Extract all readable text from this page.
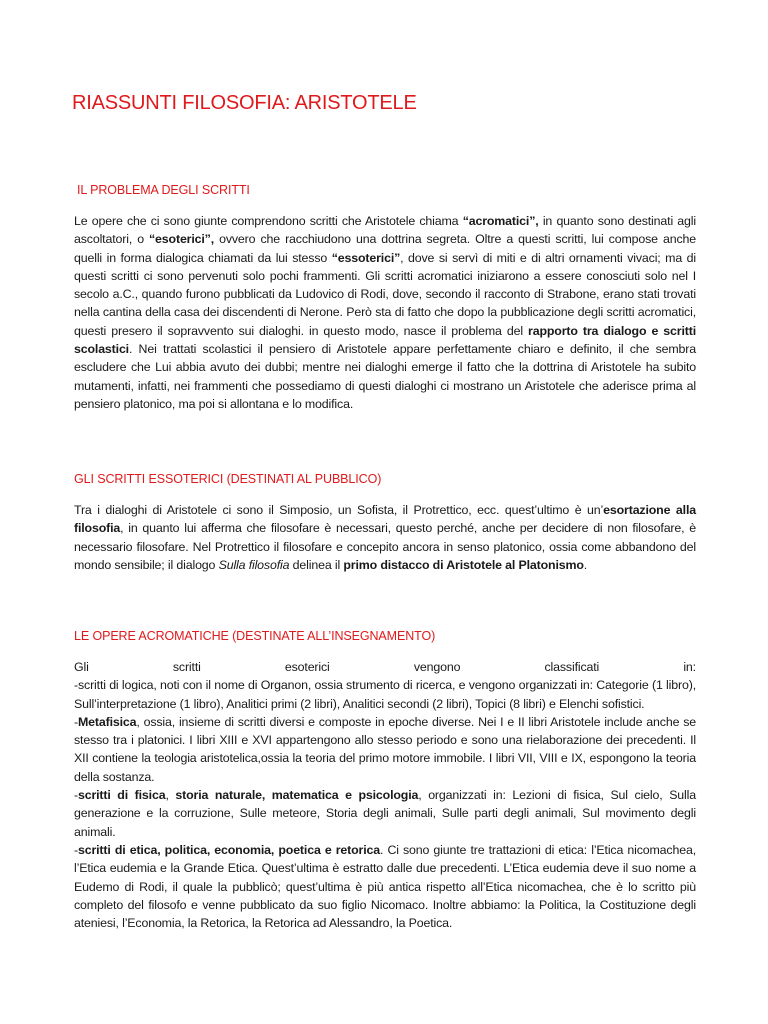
RIASSUNTI FILOSOFIA: ARISTOTELE
IL PROBLEMA DEGLI SCRITTI

Le opere che ci sono giunte comprendono scritti che Aristotele chiama “acromatici”, in quanto sono destinati agli ascoltatori, o “esoterici”, ovvero che racchiudono una dottrina segreta. Oltre a questi scritti, lui compose anche quelli in forma dialogica chiamati da lui stesso “essoterici”, dove si servì di miti e di altri ornamenti vivaci; ma di questi scritti ci sono pervenuti solo pochi frammenti. Gli scritti acromatici iniziarono a essere conosciuti solo nel I secolo a.C., quando furono pubblicati da Ludovico di Rodi, dove, secondo il racconto di Strabone, erano stati trovati nella cantina della casa dei discendenti di Nerone. Però sta di fatto che dopo la pubblicazione degli scritti acromatici, questi presero il sopravvento sui dialoghi. in questo modo, nasce il problema del rapporto tra dialogo e scritti scolastici. Nei trattati scolastici il pensiero di Aristotele appare perfettamente chiaro e definito, il che sembra escludere che Lui abbia avuto dei dubbi; mentre nei dialoghi emerge il fatto che la dottrina di Aristotele ha subito mutamenti, infatti, nei frammenti che possediamo di questi dialoghi ci mostrano un Aristotele che aderisce prima al pensiero platonico, ma poi si allontana e lo modifica.

GLI SCRITTI ESSOTERICI (DESTINATI AL PUBBLICO)

Tra i dialoghi di Aristotele ci sono il Simposio, un Sofista, il Protrettico, ecc. quest’ultimo è un’esortazione alla filosofia, in quanto lui afferma che filosofare è necessari, questo perché, anche per decidere di non filosofare, è necessario filosofare. Nel Protrettico il filosofare e concepito ancora in senso platonico, ossia come abbandono del mondo sensibile; il dialogo Sulla filosofia delinea il primo distacco di Aristotele al Platonismo.

LE OPERE ACROMATICHE (DESTINATE ALL’INSEGNAMENTO)
Gli	scritti	esoterici	vengono	classificati	in:
-scritti di logica, noti con il nome di Organon, ossia strumento di ricerca, e vengono organizzati in: Categorie (1 libro), Sull’interpretazione (1 libro), Analitici primi (2 libri), Analitici secondi (2 libri), Topici (8 libri) e Elenchi sofistici.
-Metafisica, ossia, insieme di scritti diversi e composte in epoche diverse. Nei I e II libri Aristotele include anche se stesso tra i platonici. I libri XIII e XVI appartengono allo stesso periodo e sono una rielaborazione dei precedenti. Il XII contiene la teologia aristotelica,ossia la teoria del primo motore immobile. I libri VII, VIII e IX, espongono la teoria della sostanza.
-scritti di fisica, storia naturale, matematica e psicologia, organizzati in: Lezioni di fisica, Sul cielo, Sulla generazione e la corruzione, Sulle meteore, Storia degli animali, Sulle parti degli animali, Sul movimento degli animali.
-scritti di etica, politica, economia, poetica e retorica. Ci sono giunte tre trattazioni di etica: l’Etica nicomachea, l’Etica eudemia e la Grande Etica. Quest’ultima è estratto dalle due precedenti. L’Etica eudemia deve il suo nome a Eudemo di Rodi, il quale la pubblicò; quest’ultima è più antica rispetto all’Etica nicomachea, che è lo scritto più completo del filosofo e venne pubblicato da suo figlio Nicomaco. Inoltre abbiamo: la Politica, la Costituzione degli ateniesi, l’Economia, la Retorica, la Retorica ad Alessandro, la Poetica.
